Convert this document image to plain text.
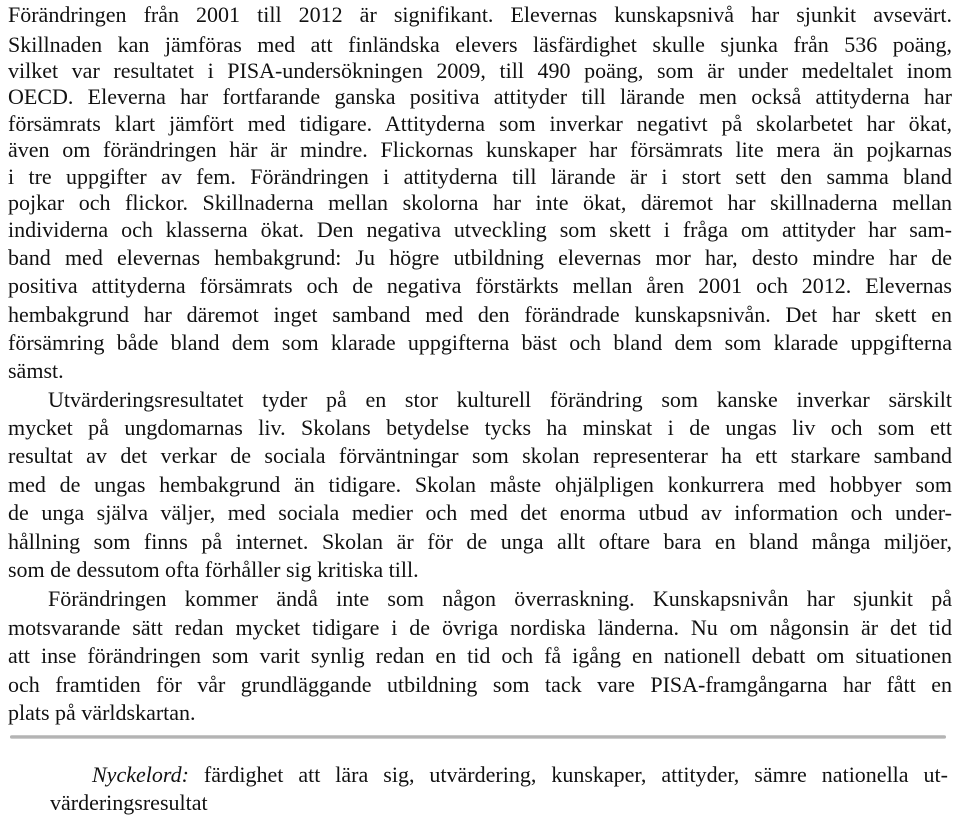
Förändringen från 2001 till 2012 är signifikant. Elevernas kunskapsnivå har sjunkit avsevärt.
Skillnaden kan jämföras med att finländska elevers läsfärdighet skulle sjunka från 536 poäng,
vilket var resultatet i PISA-undersökningen 2009, till 490 poäng, som är under medeltalet inom
OECD. Eleverna har fortfarande ganska positiva attityder till lärande men också attityderna har
försämrats klart jämfört med tidigare. Attityderna som inverkar negativt på skolarbetet har ökat,
även om förändringen här är mindre. Flickornas kunskaper har försämrats lite mera än pojkarnas
i tre uppgifter av fem. Förändringen i attityderna till lärande är i stort sett den samma bland
pojkar och flickor. Skillnaderna mellan skolorna har inte ökat, däremot har skillnaderna mellan
individerna och klasserna ökat. Den negativa utveckling som skett i fråga om attityder har sam-
band med elevernas hembakgrund: Ju högre utbildning elevernas mor har, desto mindre har de
positiva attityderna försämrats och de negativa förstärkts mellan åren 2001 och 2012. Elevernas
hembakgrund har däremot inget samband med den förändrade kunskapsnivån. Det har skett en
försämring både bland dem som klarade uppgifterna bäst och bland dem som klarade uppgifterna
sämst.
Utvärderingsresultatet tyder på en stor kulturell förändring som kanske inverkar särskilt
mycket på ungdomarnas liv. Skolans betydelse tycks ha minskat i de ungas liv och som ett
resultat av det verkar de sociala förväntningar som skolan representerar ha ett starkare samband
med de ungas hembakgrund än tidigare. Skolan måste ohjälpligen konkurrera med hobbyer som
de unga själva väljer, med sociala medier och med det enorma utbud av information och under-
hållning som finns på internet. Skolan är för de unga allt oftare bara en bland många miljöer,
som de dessutom ofta förhåller sig kritiska till.
Förändringen kommer ändå inte som någon överraskning. Kunskapsnivån har sjunkit på
motsvarande sätt redan mycket tidigare i de övriga nordiska länderna. Nu om någonsin är det tid
att inse förändringen som varit synlig redan en tid och få igång en nationell debatt om situationen
och framtiden för vår grundläggande utbildning som tack vare PISA-framgångarna har fått en
plats på världskartan.
Nyckelord: färdighet att lära sig, utvärdering, kunskaper, attityder, sämre nationella ut-
värderingsresultat
